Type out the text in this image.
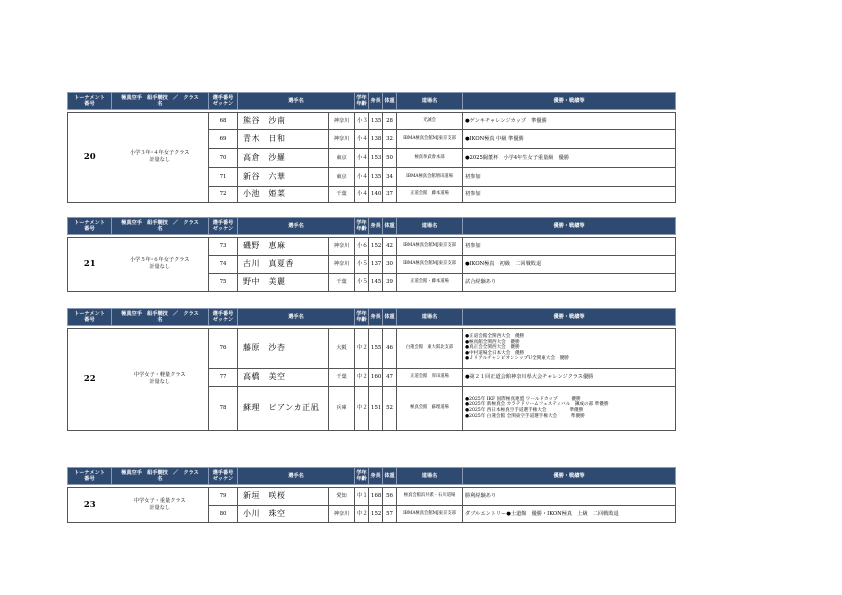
トーナメント
番号	極真空手　組手競技　／　クラス
名	選手番号
ゼッケン	選手名		学年
年齢	身長	体重	道場名	優勝・戦績等

20	小学３年･４年女子クラス
計量なし	68	熊谷　沙南	神奈川	小３	135	28	光誠会	●ゲンキチャレンジカップ　準優勝
		69	青木　日和	神奈川	小４	138	32	IBMA極真会館MJ東京支部	●IKON極真 中級 準優勝
		70	高倉　沙羅	東京	小４	153	50	極真拳武會本部	●2025闘董杯　小学4年生女子重量級　優勝
		71	新谷　六華	東京	小４	135	34	IBMA極真会館増田道場	初参加
		72	小池　姫菜	千葉	小４	140	37	正道会館　藤本道場	初参加
トーナメント
番号	極真空手　組手競技　／　クラス
名	選手番号
ゼッケン	選手名		学年
年齢	身長	体重	道場名	優勝・戦績等

21	小学５年･６年女子クラス
計量なし	73	磯野　恵麻	神奈川	小６	152	42	IBMA極真会館MJ東京支部	初参加
		74	古川　真夏香	神奈川	小５	137	30	IBMA極真会館MJ東京支部	●IKON極真　初級　二回戦敗退
		75	野中　美麗	千葉	小５	145	39	正道会館・藤本道場	試合経験あり
トーナメント
番号	極真空手　組手競技　／　クラス
名	選手番号
ゼッケン	選手名		学年
年齢	身長	体重	道場名	優勝・戦績等

22	中学女子・軽量クラス
計量なし	76	藤原　沙杏	大阪	中２	155	46	白蓮会館　東大阪北支部	●正道会館全関西大会　優勝
●極真館全関西大会　優勝
●真正会全関西大会　優勝
●中村道場全日本大会　優勝
●ＪリアルチャンピオンシップU全関東大会　優勝
		77	高橋　美空	千葉	中２	160	47	正道会館　厚田道場	●第２１回正道会館神奈川県大会チャレンジクラス優勝
		78	蘇理　ピアンカ正凪	兵庫	中２	151	52	極真会館　蘇理道場	●2025年 IKF 国際極真連盟 ワールドカップ　　　優勝
●2025年 新極真会 カラテドリームフェスティバル　錬成の部 準優勝
●2025年 西日本極真空手道選手権大会　　　　　準優勝
●2025年 白蓮会館 全関東空手道選手権大会　　　準優勝
トーナメント
番号	極真空手　組手競技　／　クラス
名	選手番号
ゼッケン	選手名		学年
年齢	身長	体重	道場名	優勝・戦績等

23	中学女子・重量クラス
計量なし	79	新垣　咲桜	愛知	中１	168	56	極真会館浜井派・石川道場	勝利経験あり
		80	小川　珠空	神奈川	中２	152	57	IBMA極真会館MJ東京支部	ダブルエントリー●士道館　優勝・IKON極真　上級　二回戦敗退
